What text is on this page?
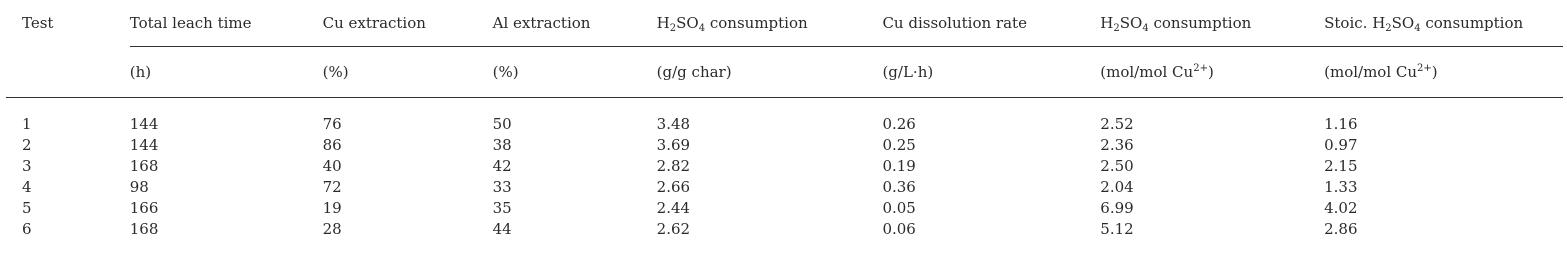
Test	Total leach time	Cu extraction	Al extraction	$H_2SO_4$ consumption	Cu dissolution rate	$H_2SO_4$ consumption	Stoic. $H_2SO_4$ consumption
	(h)	(%)	(%)	(g/g char)	(g/L·h)	(mol/mol $Cu^{2+}$)	(mol/mol $Cu^{2+}$)

1	144	76	50	3.48	0.26	2.52	1.16
2	144	86	38	3.69	0.25	2.36	0.97
3	168	40	42	2.82	0.19	2.50	2.15
4	98	72	33	2.66	0.36	2.04	1.33
5	166	19	35	2.44	0.05	6.99	4.02
6	168	28	44	2.62	0.06	5.12	2.86
